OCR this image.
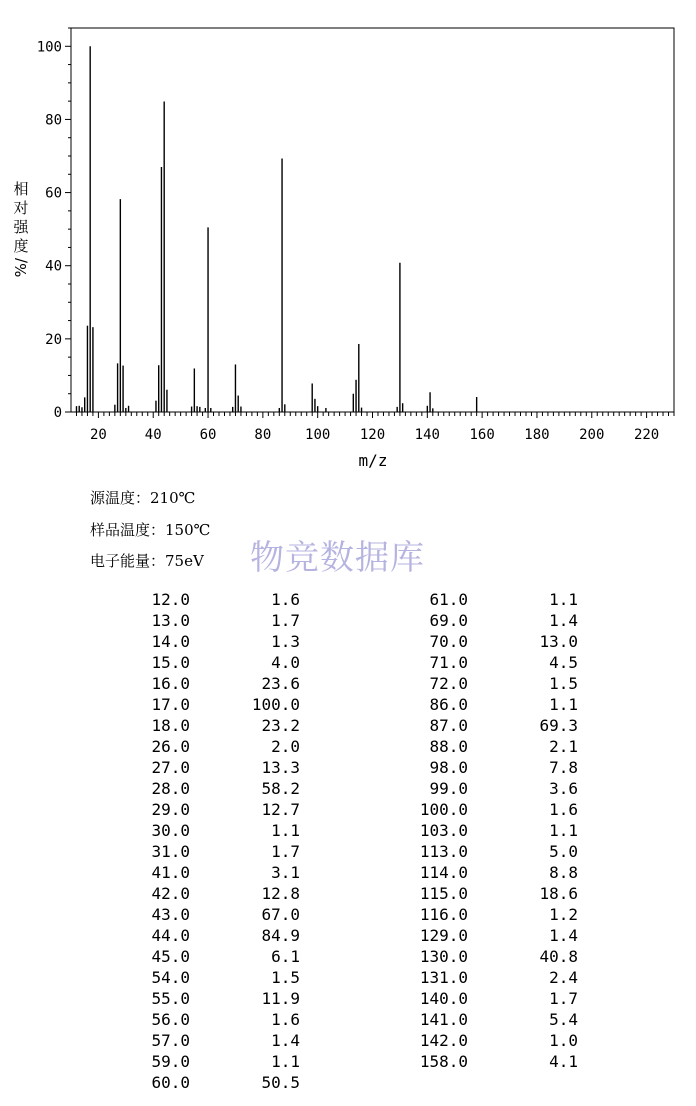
0
20
40
60
80
100
20	40	60	80 100 120 140 160 180 200 220
m/z
相
对
强
度
%/
源温度：210℃
样品温度：150℃
电子能量：75eV 物竞数据库
12.0	1.6
13.0	1.7
14.0	1.3
15.0	4.0
16.0	23.6
17.0	100.0
18.0	23.2
26.0	2.0
27.0	13.3
28.0	58.2
29.0	12.7
30.0	1.1
31.0	1.7
41.0	3.1
42.0	12.8
43.0	67.0
44.0	84.9
45.0	6.1
54.0	1.5
55.0	11.9
56.0	1.6
57.0	1.4
59.0	1.1
60.0	50.5
61.0	1.1
69.0	1.4
70.0	13.0
71.0	4.5
72.0	1.5
86.0	1.1
87.0	69.3
88.0	2.1
98.0	7.8
99.0	3.6
100.0	1.6
103.0	1.1
113.0	5.0
114.0	8.8
115.0	18.6
116.0	1.2
129.0	1.4
130.0	40.8
131.0	2.4
140.0	1.7
141.0	5.4
142.0	1.0
158.0	4.1
